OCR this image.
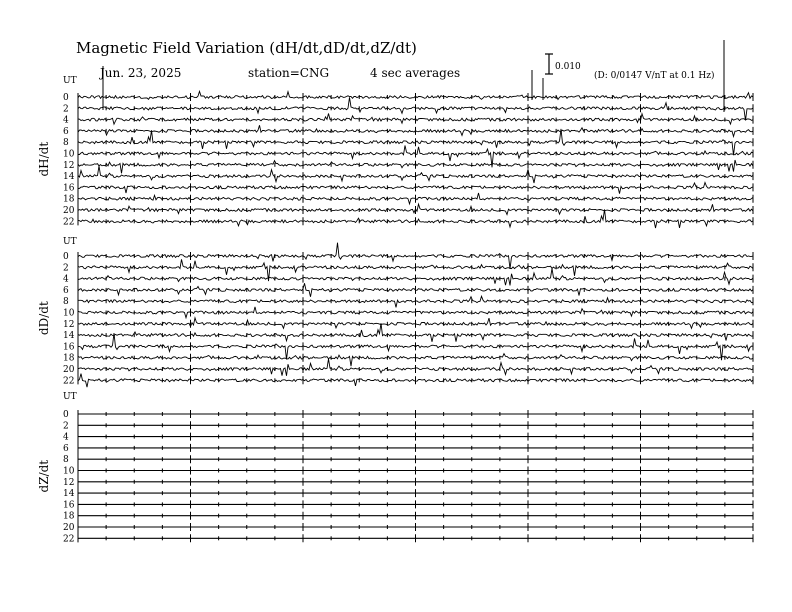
Magnetic Field Variation (dH/dt,dD/dt,dZ/dt)
Jun. 23, 2025	station=CNG	4 sec averages	0.010
(D: 0/0147 V/nT at 0.1 Hz)
UT
dH/dt
0
2
4
6
8
10
12
14
16
18
20
22
UT
dD/dt
0
2
4
6
8
10
12
14
16
18
20
22
UT
dZ/dt
0
2
4
6
8
10
12
14
16
18
20
22
